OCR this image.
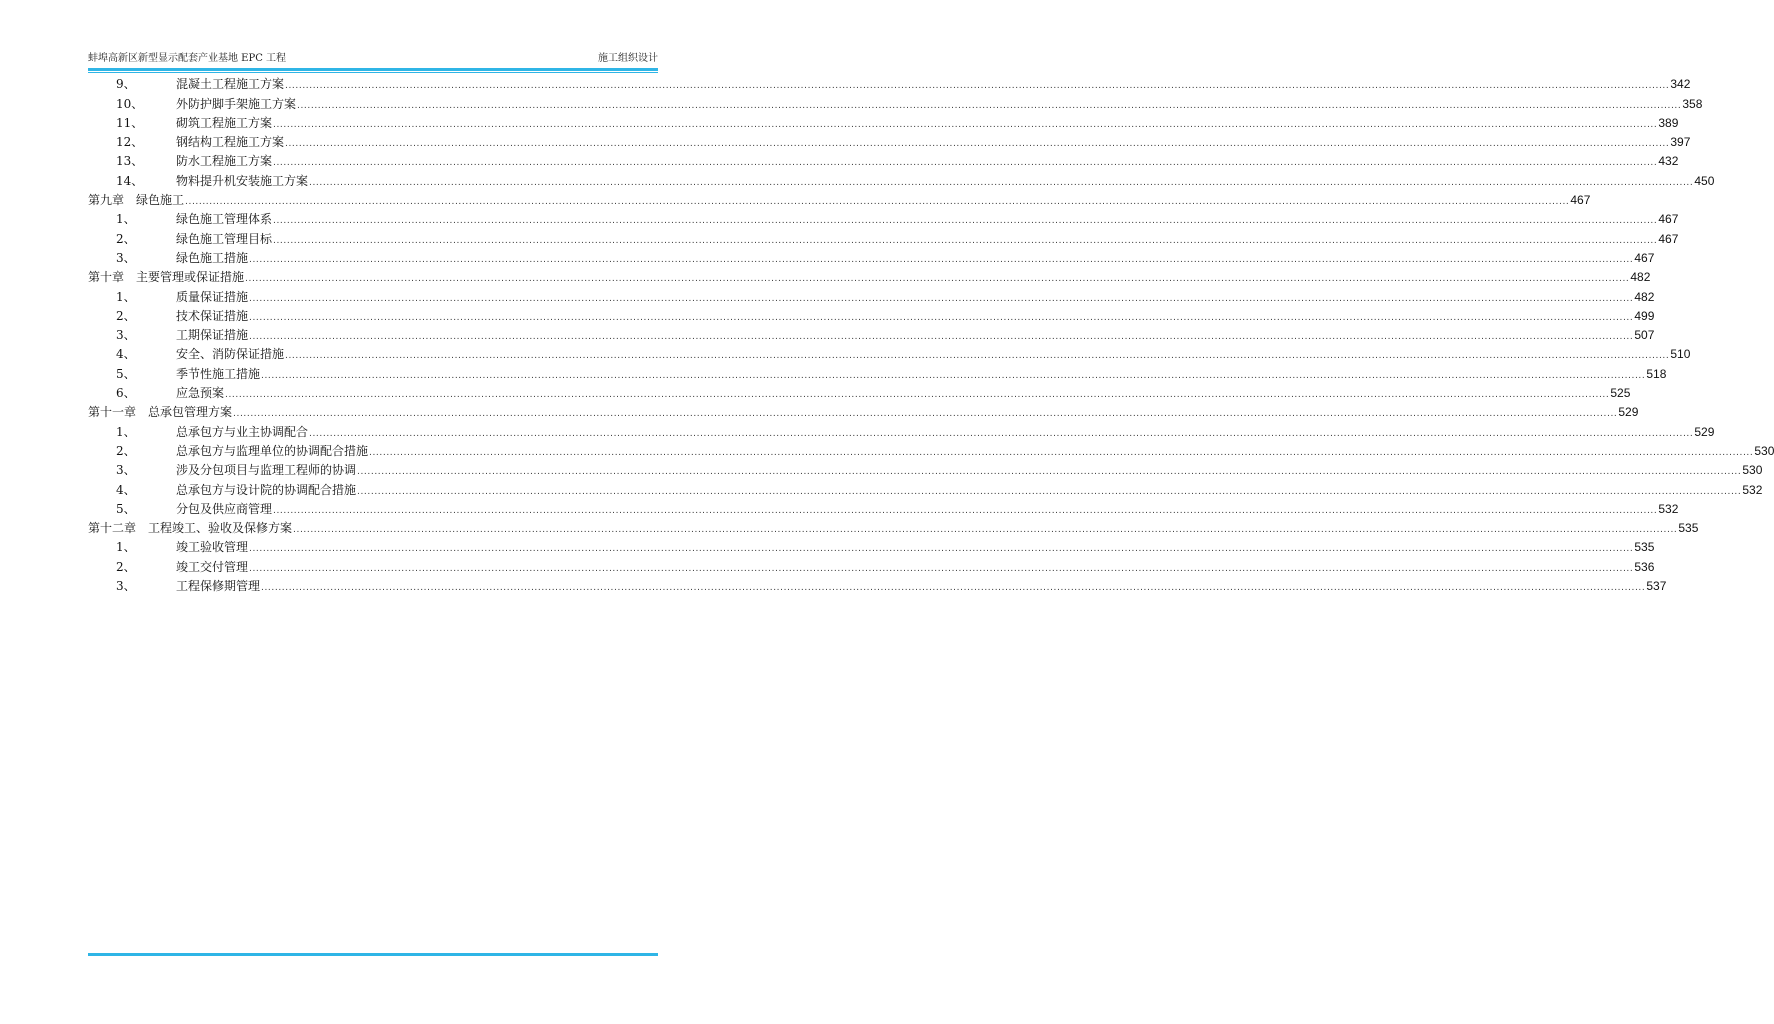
蚌埠高新区新型显示配套产业基地 EPC 工程	施工组织设计
9、	混凝土工程施工方案 ................................................................................................................................................................................................................................................................................................................................................................................................................ 342
10、	外防护脚手架施工方案 ................................................................................................................................................................................................................................................................................................................................................................................................................ 358
11、	砌筑工程施工方案 ................................................................................................................................................................................................................................................................................................................................................................................................................ 389
12、	钢结构工程施工方案 ................................................................................................................................................................................................................................................................................................................................................................................................................ 397
13、	防水工程施工方案 ................................................................................................................................................................................................................................................................................................................................................................................................................ 432
14、	物料提升机安装施工方案 ................................................................................................................................................................................................................................................................................................................................................................................................................ 450
第九章	绿色施工 ................................................................................................................................................................................................................................................................................................................................................................................................................ 467
1、	绿色施工管理体系 ................................................................................................................................................................................................................................................................................................................................................................................................................ 467
2、	绿色施工管理目标 ................................................................................................................................................................................................................................................................................................................................................................................................................ 467
3、	绿色施工措施 ................................................................................................................................................................................................................................................................................................................................................................................................................ 467
第十章	主要管理或保证措施 ................................................................................................................................................................................................................................................................................................................................................................................................................ 482
1、	质量保证措施 ................................................................................................................................................................................................................................................................................................................................................................................................................ 482
2、	技术保证措施 ................................................................................................................................................................................................................................................................................................................................................................................................................ 499
3、	工期保证措施 ................................................................................................................................................................................................................................................................................................................................................................................................................ 507
4、	安全、消防保证措施 ................................................................................................................................................................................................................................................................................................................................................................................................................ 510
5、	季节性施工措施 ................................................................................................................................................................................................................................................................................................................................................................................................................ 518
6、	应急预案 ................................................................................................................................................................................................................................................................................................................................................................................................................ 525
第十一章	总承包管理方案 ................................................................................................................................................................................................................................................................................................................................................................................................................ 529
1、	总承包方与业主协调配合 ................................................................................................................................................................................................................................................................................................................................................................................................................ 529
2、	总承包方与监理单位的协调配合措施 ................................................................................................................................................................................................................................................................................................................................................................................................................ 530
3、	涉及分包项目与监理工程师的协调 ................................................................................................................................................................................................................................................................................................................................................................................................................ 530
4、	总承包方与设计院的协调配合措施 ................................................................................................................................................................................................................................................................................................................................................................................................................ 532
5、	分包及供应商管理 ................................................................................................................................................................................................................................................................................................................................................................................................................ 532
第十二章	工程竣工、验收及保修方案 ................................................................................................................................................................................................................................................................................................................................................................................................................ 535
1、	竣工验收管理 ................................................................................................................................................................................................................................................................................................................................................................................................................ 535
2、	竣工交付管理 ................................................................................................................................................................................................................................................................................................................................................................................................................ 536
3、	工程保修期管理 ................................................................................................................................................................................................................................................................................................................................................................................................................ 537
